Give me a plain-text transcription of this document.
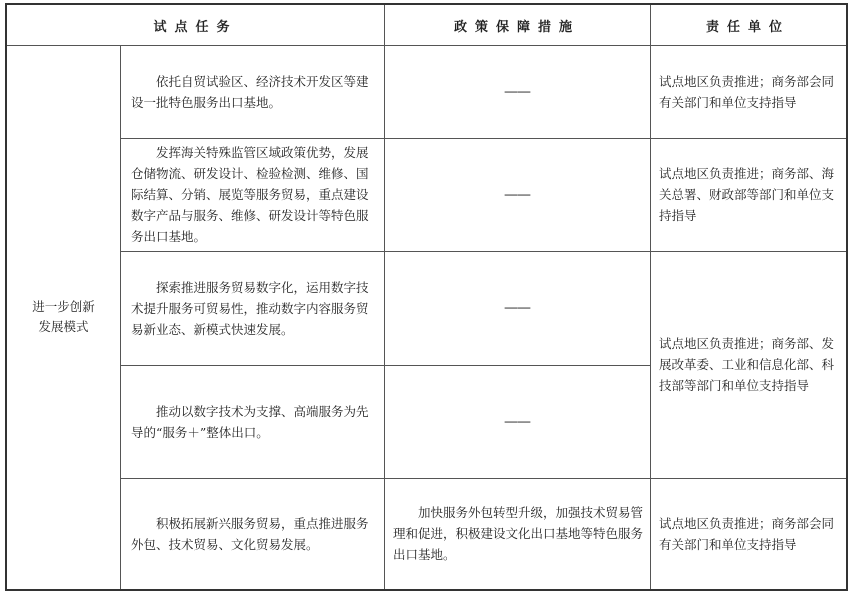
试点任务	政策保障措施	责任单位
进一步创新
发展模式
依托自贸试验区、经济技术开发区等建设一批特色服务出口基地。
——
试点地区负责推进；商务部会同有关部门和单位支持指导
发挥海关特殊监管区域政策优势，发展仓储物流、研发设计、检验检测、维修、国际结算、分销、展览等服务贸易，重点建设数字产品与服务、维修、研发设计等特色服务出口基地。
——
试点地区负责推进；商务部、海关总署、财政部等部门和单位支持指导
探索推进服务贸易数字化，运用数字技术提升服务可贸易性，推动数字内容服务贸易新业态、新模式快速发展。
——
推动以数字技术为支撑、高端服务为先导的“服务＋”整体出口。
——
试点地区负责推进；商务部、发展改革委、工业和信息化部、科技部等部门和单位支持指导
积极拓展新兴服务贸易，重点推进服务外包、技术贸易、文化贸易发展。
加快服务外包转型升级，加强技术贸易管理和促进，积极建设文化出口基地等特色服务出口基地。
试点地区负责推进；商务部会同有关部门和单位支持指导
